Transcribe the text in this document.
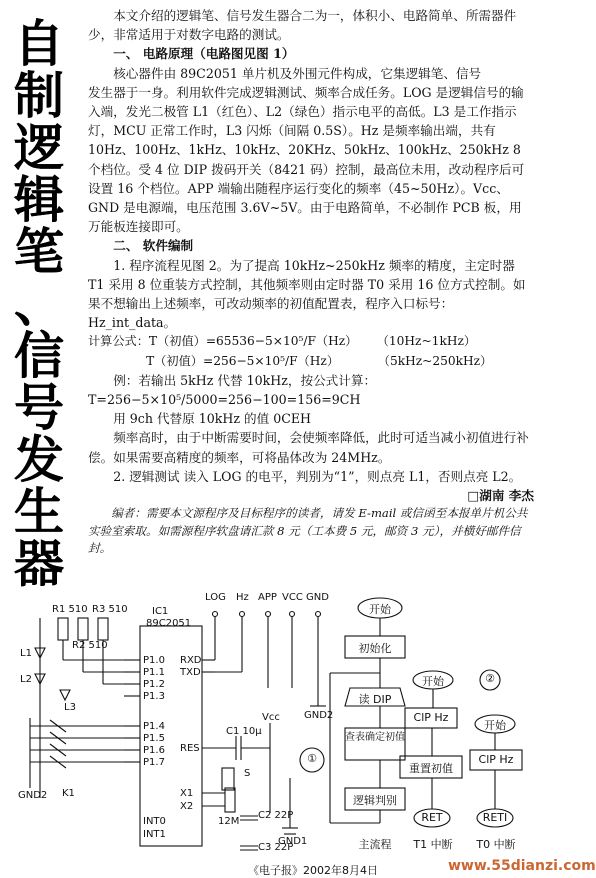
自
制
逻
辑
笔
、
信
号
发
生
器

本文介绍的逻辑笔、信号发生器合二为一，体积小、电路简单、所需器件少，非常适用于对数字电路的测试。

一、 电路原理（电路图见图 1）

核心器件由 89C2051 单片机及外围元件构成，它集逻辑笔、信号

发生器于一身。利用软件完成逻辑测试、频率合成任务。LOG 是逻辑信号的输入端，发光二极管 L1（红色）、L2（绿色）指示电平的高低。L3 是工作指示灯，MCU 正常工作时，L3 闪烁（间隔 0.5S）。Hz 是频率输出端，共有 10Hz、100Hz、1kHz、10kHz、20KHz、50kHz、100kHz、250kHz 8 个档位。受 4 位 DIP 拨码开关（8421 码）控制，最高位未用，改动程序后可设置 16 个档位。APP 端输出随程序运行变化的频率（45~50Hz）。Vcc、GND 是电源端，电压范围 3.6V~5V。由于电路简单，不必制作 PCB 板，用万能板连接即可。

二、 软件编制

1. 程序流程见图 2。为了提高 10kHz~250kHz 频率的精度，主定时器 T1 采用 8 位重装方式控制，其他频率则由定时器 T0 采用 16 位方式控制。如果不想输出上述频率，可改动频率的初值配置表，程序入口标号：Hz_int_data。

计算公式：T（初值）=65536−5×10⁵/F（Hz）     （10Hz~1kHz）

T（初值）=256−5×10⁵/F（Hz）          （5kHz~250kHz）

例：若输出 5kHz 代替 10kHz，按公式计算：T=256−5×10⁵/5000=256−100=156=9CH

用 9ch 代替原 10kHz 的值 0CEH

频率高时，由于中断需要时间，会使频率降低，此时可适当减小初值进行补偿。如果需要高精度的频率，可将晶体改为 24MHz。

2. 逻辑测试 读入 LOG 的电平，判别为“1”，则点亮 L1，否则点亮 L2。

□湖南 李杰

编者：需要本文源程序及目标程序的读者，请发 E-mail 或信函至本报单片机公共实验室索取。如需源程序软盘请汇款 8 元（工本费 5 元，邮资 3 元），并横好邮件信封。

IC1
89C2051
P1.0
P1.1
P1.2
P1.3
P1.4
P1.5
P1.6
P1.7
RES
X1
X2
INT0
INT1
RXD
TXD
LOG Hz APP VCC GND
R1 510
R2 510
R3 510
L1
L2
L3
K1
GND2
C1 10μ
S
C2 22P
C3 22P
12M
GND1
GND2
Vcc
①
②
开始
初始化
读 DIP
查表确定初值
逻辑判别
主流程
开始
ClP Hz
重置初值
RET
T1 中断
开始
ClP Hz
RETI
T0 中断
《电子报》2002年8月4日	www.55dianzi.com
